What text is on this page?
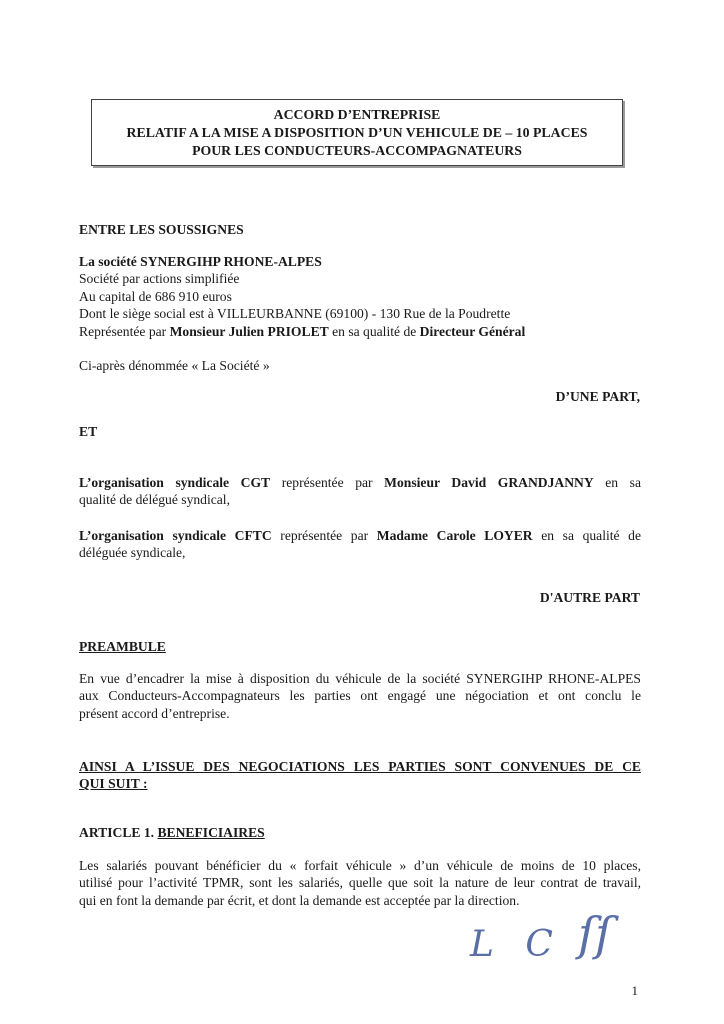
ACCORD D’ENTREPRISE
RELATIF A LA MISE A DISPOSITION D’UN VEHICULE DE – 10 PLACES
POUR LES CONDUCTEURS-ACCOMPAGNATEURS
ENTRE LES SOUSSIGNES
La société SYNERGIHP RHONE-ALPES
Société par actions simplifiée
Au capital de 686 910 euros
Dont le siège social est à VILLEURBANNE (69100) - 130 Rue de la Poudrette
Représentée par Monsieur Julien PRIOLET en sa qualité de Directeur Général
Ci-après dénommée « La Société »
D’UNE PART,
ET
L’organisation syndicale CGT représentée par Monsieur David GRANDJANNY en sa
qualité de délégué syndical,
L’organisation syndicale CFTC représentée par Madame Carole LOYER en sa qualité de
déléguée syndicale,
D'AUTRE PART
PREAMBULE
En vue d’encadrer la mise à disposition du véhicule de la société SYNERGIHP RHONE-ALPES
aux Conducteurs-Accompagnateurs les parties ont engagé une négociation et ont conclu le
présent accord d’entreprise.
AINSI A L’ISSUE DES NEGOCIATIONS LES PARTIES SONT CONVENUES DE CE
QUI SUIT :
ARTICLE 1. BENEFICIAIRES
Les salariés pouvant bénéficier du « forfait véhicule » d’un véhicule de moins de 10 places,
utilisé pour l’activité TPMR, sont les salariés, quelle que soit la nature de leur contrat de travail,
qui en font la demande par écrit, et dont la demande est acceptée par la direction.
L C ſſ
1
